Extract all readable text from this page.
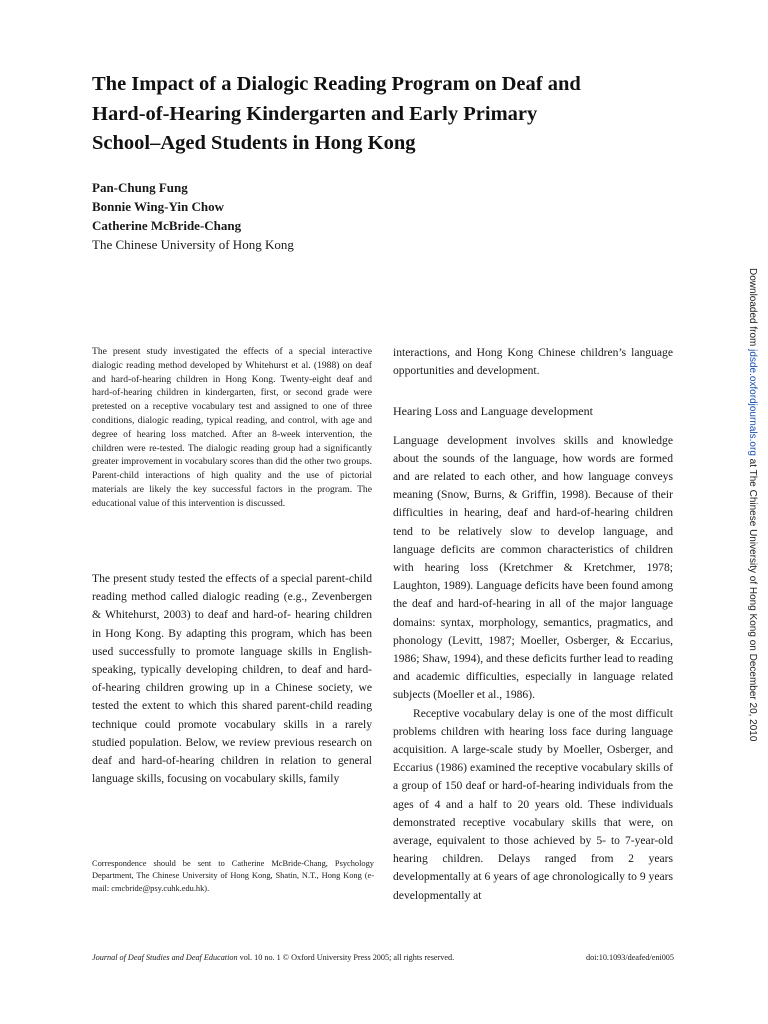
The Impact of a Dialogic Reading Program on Deaf and
Hard-of-Hearing Kindergarten and Early Primary
School–Aged Students in Hong Kong
Pan-Chung Fung
Bonnie Wing-Yin Chow
Catherine McBride-Chang
The Chinese University of Hong Kong

The present study investigated the effects of a special interactive dialogic reading method developed by Whitehurst et al. (1988) on deaf and hard-of-hearing children in Hong Kong. Twenty-eight deaf and hard-of-hearing children in kindergarten, first, or second grade were pretested on a receptive vocabulary test and assigned to one of three conditions, dialogic reading, typical reading, and control, with age and degree of hearing loss matched. After an 8-week intervention, the children were re-tested. The dialogic reading group had a significantly greater improvement in vocabulary scores than did the other two groups. Parent-child interactions of high quality and the use of pictorial materials are likely the key successful factors in the program. The educational value of this intervention is discussed.

The present study tested the effects of a special parent-child reading method called dialogic reading (e.g., Zevenbergen & Whitehurst, 2003) to deaf and hard-of- hearing children in Hong Kong. By adapting this program, which has been used successfully to promote language skills in English-speaking, typically developing children, to deaf and hard-of-hearing children growing up in a Chinese society, we tested the extent to which this shared parent-child reading technique could promote vocabulary skills in a rarely studied population. Below, we review previous research on deaf and hard-of-hearing children in relation to general language skills, focusing on vocabulary skills, family

interactions, and Hong Kong Chinese children’s language opportunities and development.

Hearing Loss and Language development

Language development involves skills and knowledge about the sounds of the language, how words are formed and are related to each other, and how language conveys meaning (Snow, Burns, & Griffin, 1998). Because of their difficulties in hearing, deaf and hard-of-hearing children tend to be relatively slow to develop language, and language deficits are common characteristics of children with hearing loss (Kretchmer & Kretchmer, 1978; Laughton, 1989). Language deficits have been found among the deaf and hard-of-hearing in all of the major language domains: syntax, morphology, semantics, pragmatics, and phonology (Levitt, 1987; Moeller, Osberger, & Eccarius, 1986; Shaw, 1994), and these deficits further lead to reading and academic difficulties, especially in language related subjects (Moeller et al., 1986).

Receptive vocabulary delay is one of the most difficult problems children with hearing loss face during language acquisition. A large-scale study by Moeller, Osberger, and Eccarius (1986) examined the receptive vocabulary skills of a group of 150 deaf or hard-of-hearing individuals from the ages of 4 and a half to 20 years old. These individuals demonstrated receptive vocabulary skills that were, on average, equivalent to those achieved by 5- to 7-year-old hearing children. Delays ranged from 2 years developmentally at 6 years of age chronologically to 9 years developmentally at

Correspondence should be sent to Catherine McBride-Chang, Psychology Department, The Chinese University of Hong Kong, Shatin, N.T., Hong Kong (e-mail: cmcbride@psy.cuhk.edu.hk).

Journal of Deaf Studies and Deaf Education vol. 10 no. 1 © Oxford University Press 2005; all rights reserved.	doi:10.1093/deafed/eni005
Downloaded from jdsde.oxfordjournals.org at The Chinese University of Hong Kong on December 20, 2010
